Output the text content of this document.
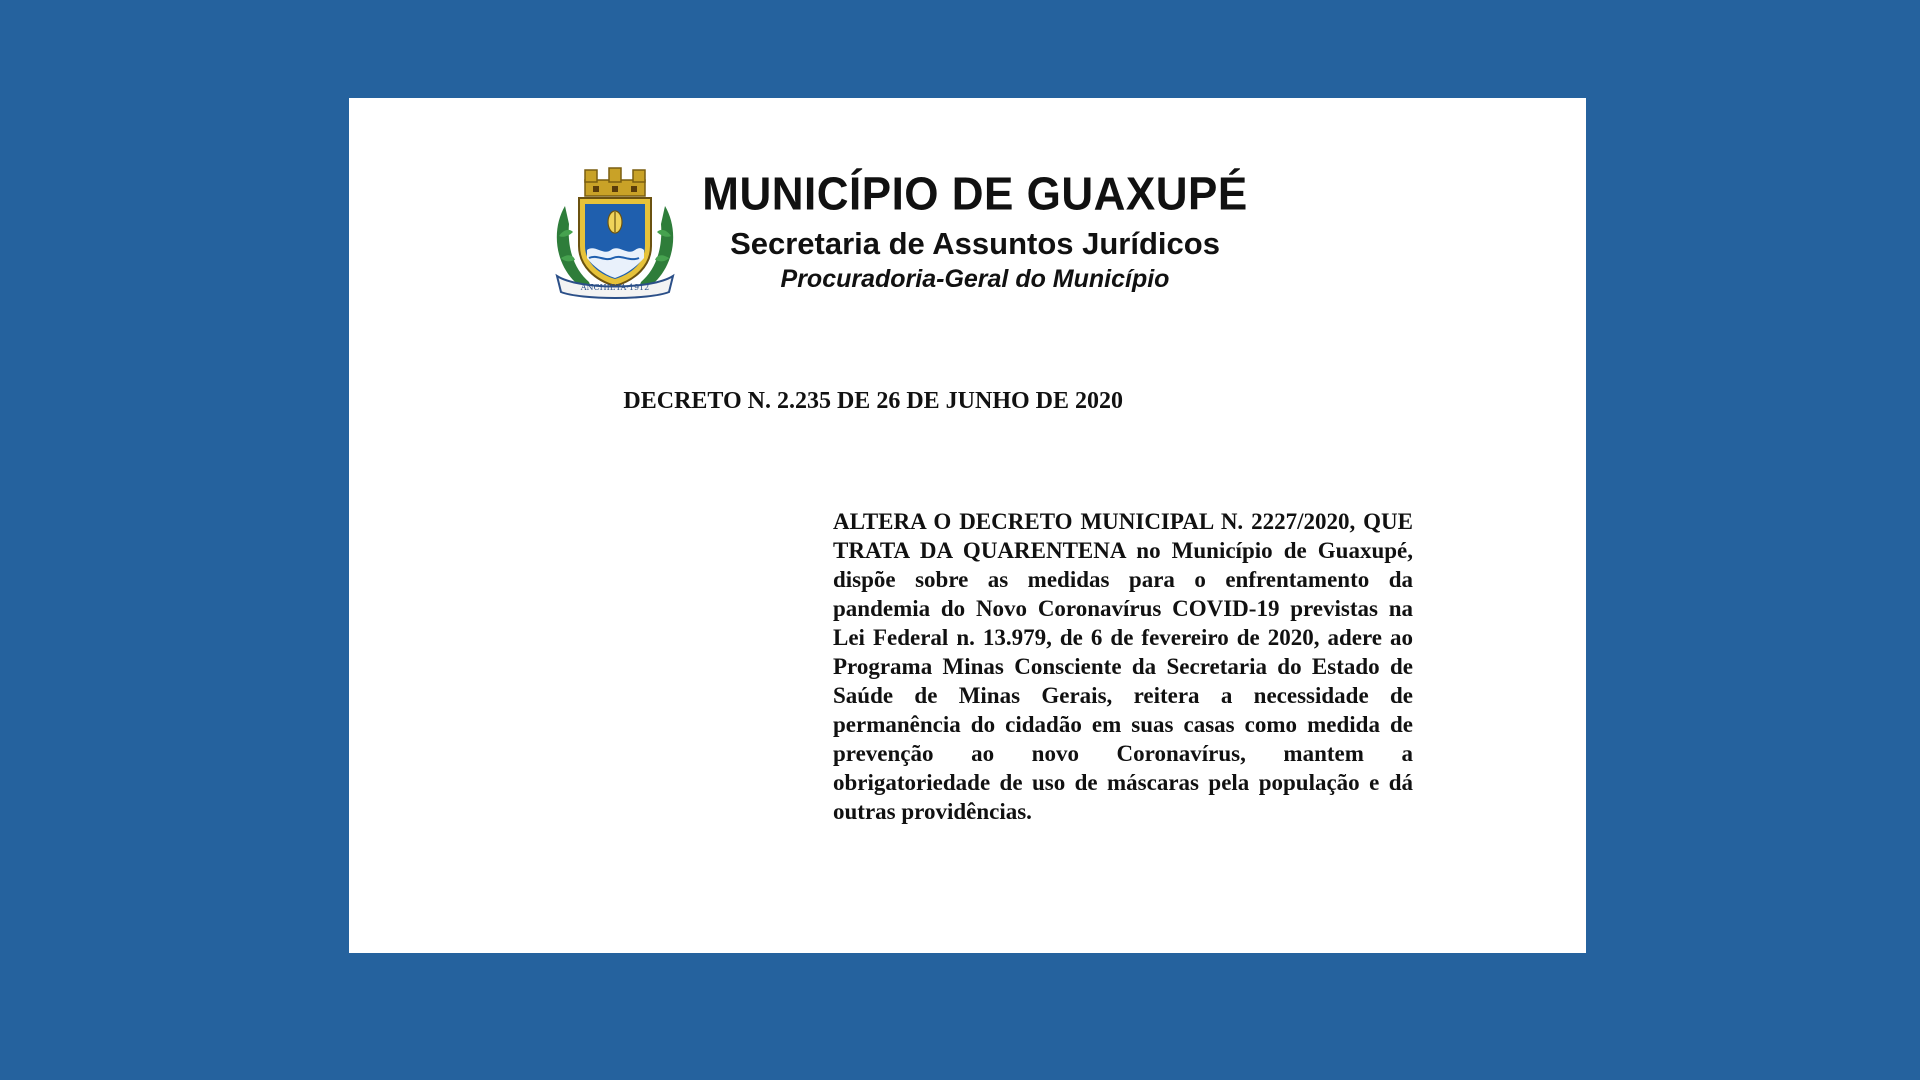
ANCHIETA·1912
MUNICÍPIO DE GUAXUPÉ
Secretaria de Assuntos Jurídicos
Procuradoria-Geral do Município
DECRETO N. 2.235 DE 26 DE JUNHO DE 2020
ALTERA O DECRETO MUNICIPAL N. 2227/2020, QUE TRATA DA QUARENTENA no Município de Guaxupé, dispõe sobre as medidas para o enfrentamento da pandemia do Novo Coronavírus COVID-19 previstas na Lei Federal n. 13.979, de 6 de fevereiro de 2020, adere ao Programa Minas Consciente da Secretaria do Estado de Saúde de Minas Gerais, reitera a necessidade de permanência do cidadão em suas casas como medida de prevenção ao novo Coronavírus, mantem a obrigatoriedade de uso de máscaras pela população e dá outras providências.
